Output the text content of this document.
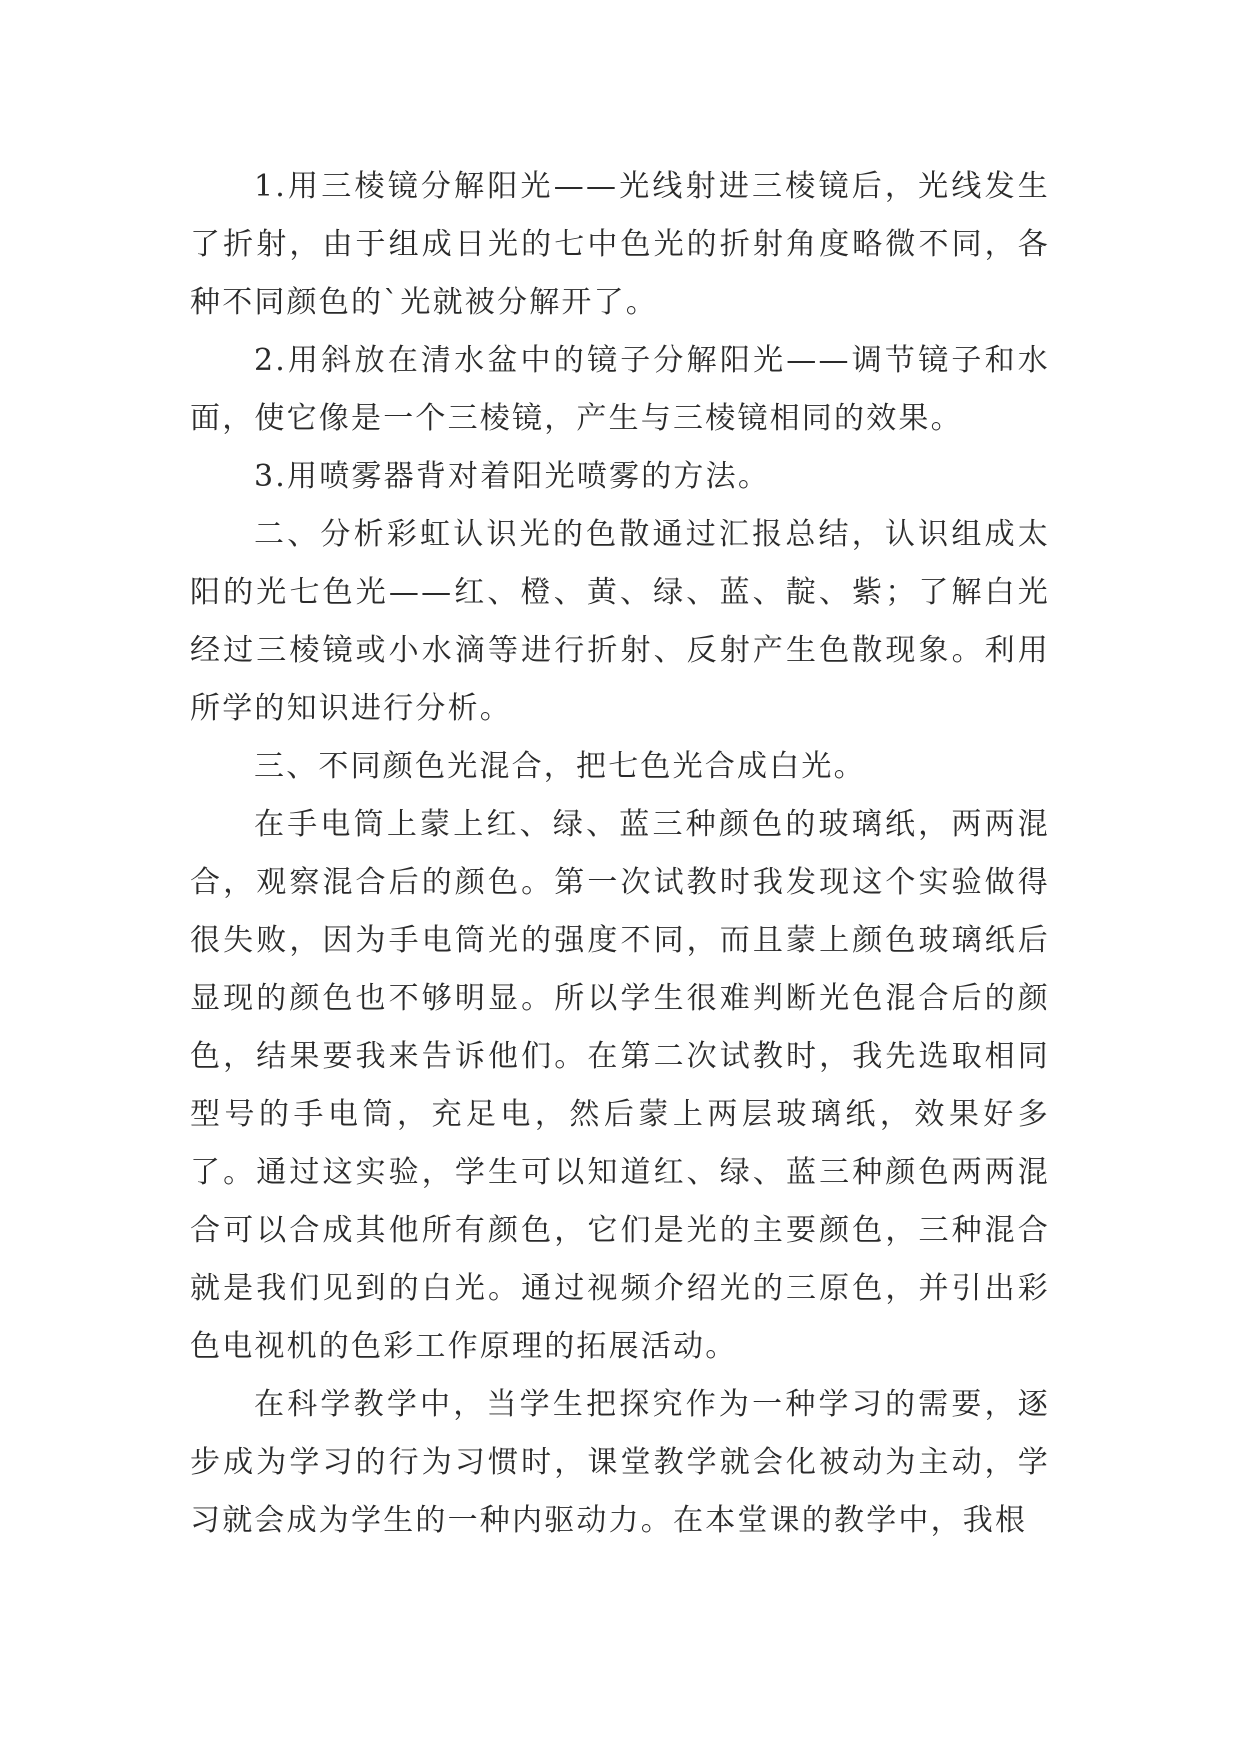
1.用三棱镜分解阳光——光线射进三棱镜后，光线发生了折射，由于组成日光的七中色光的折射角度略微不同，各种不同颜色的`光就被分解开了。

2.用斜放在清水盆中的镜子分解阳光——调节镜子和水面，使它像是一个三棱镜，产生与三棱镜相同的效果。

3.用喷雾器背对着阳光喷雾的方法。

二、分析彩虹认识光的色散通过汇报总结，认识组成太阳的光七色光——红、橙、黄、绿、蓝、靛、紫；了解白光经过三棱镜或小水滴等进行折射、反射产生色散现象。利用所学的知识进行分析。

三、不同颜色光混合，把七色光合成白光。

在手电筒上蒙上红、绿、蓝三种颜色的玻璃纸，两两混合，观察混合后的颜色。第一次试教时我发现这个实验做得很失败，因为手电筒光的强度不同，而且蒙上颜色玻璃纸后显现的颜色也不够明显。所以学生很难判断光色混合后的颜色，结果要我来告诉他们。在第二次试教时，我先选取相同型号的手电筒，充足电，然后蒙上两层玻璃纸，效果好多了。通过这实验，学生可以知道红、绿、蓝三种颜色两两混合可以合成其他所有颜色，它们是光的主要颜色，三种混合就是我们见到的白光。通过视频介绍光的三原色，并引出彩色电视机的色彩工作原理的拓展活动。

在科学教学中，当学生把探究作为一种学习的需要，逐步成为学习的行为习惯时，课堂教学就会化被动为主动，学习就会成为学生的一种内驱动力。在本堂课的教学中，我根
